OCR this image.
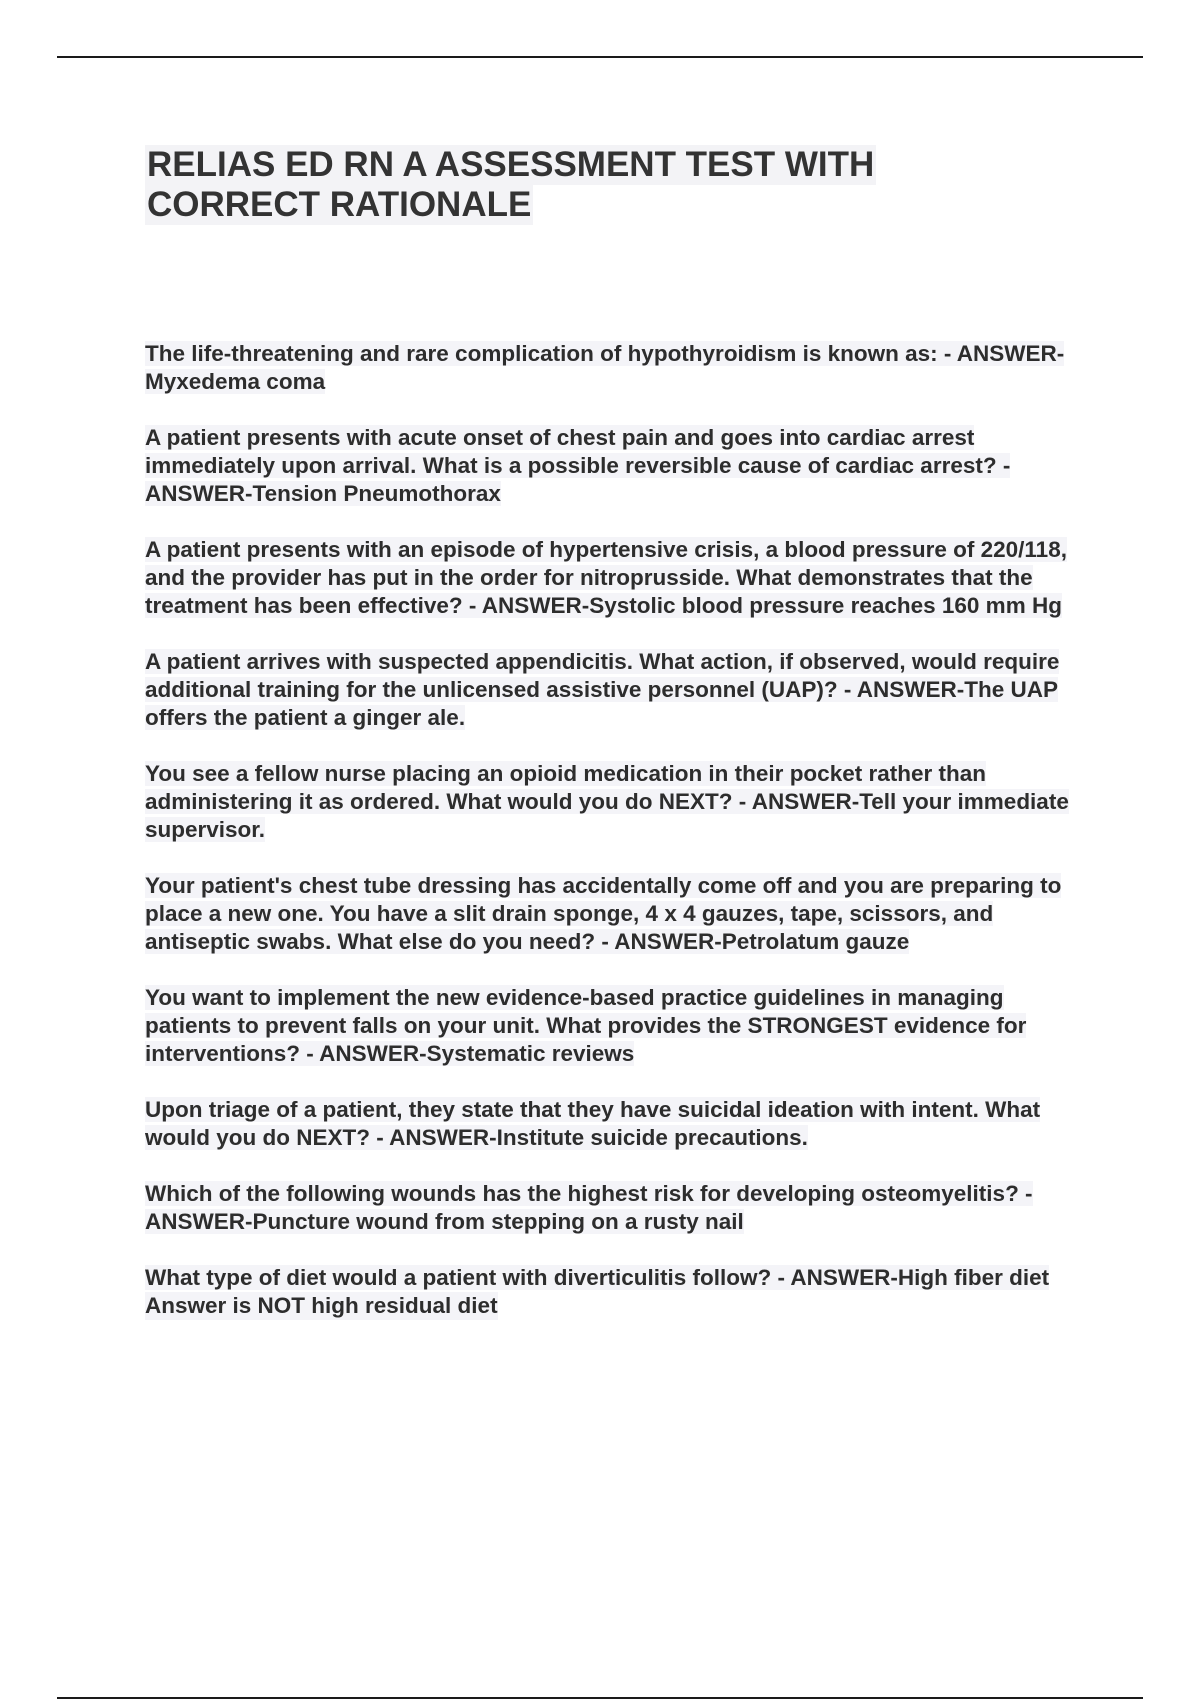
RELIAS ED RN A ASSESSMENT TEST WITH
CORRECT RATIONALE
The life-threatening and rare complication of hypothyroidism is known as: - ANSWER-Myxedema coma
A patient presents with acute onset of chest pain and goes into cardiac arrest immediately upon arrival. What is a possible reversible cause of cardiac arrest? - ANSWER-Tension Pneumothorax
A patient presents with an episode of hypertensive crisis, a blood pressure of 220/118, and the provider has put in the order for nitroprusside. What demonstrates that the treatment has been effective? - ANSWER-Systolic blood pressure reaches 160 mm Hg
A patient arrives with suspected appendicitis. What action, if observed, would require additional training for the unlicensed assistive personnel (UAP)? - ANSWER-The UAP offers the patient a ginger ale.
You see a fellow nurse placing an opioid medication in their pocket rather than administering it as ordered. What would you do NEXT? - ANSWER-Tell your immediate supervisor.
Your patient's chest tube dressing has accidentally come off and you are preparing to place a new one. You have a slit drain sponge, 4 x 4 gauzes, tape, scissors, and antiseptic swabs. What else do you need? - ANSWER-Petrolatum gauze
You want to implement the new evidence-based practice guidelines in managing patients to prevent falls on your unit. What provides the STRONGEST evidence for interventions? - ANSWER-Systematic reviews
Upon triage of a patient, they state that they have suicidal ideation with intent. What would you do NEXT? - ANSWER-Institute suicide precautions.
Which of the following wounds has the highest risk for developing osteomyelitis? - ANSWER-Puncture wound from stepping on a rusty nail
What type of diet would a patient with diverticulitis follow? - ANSWER-High fiber diet
Answer is NOT high residual diet
